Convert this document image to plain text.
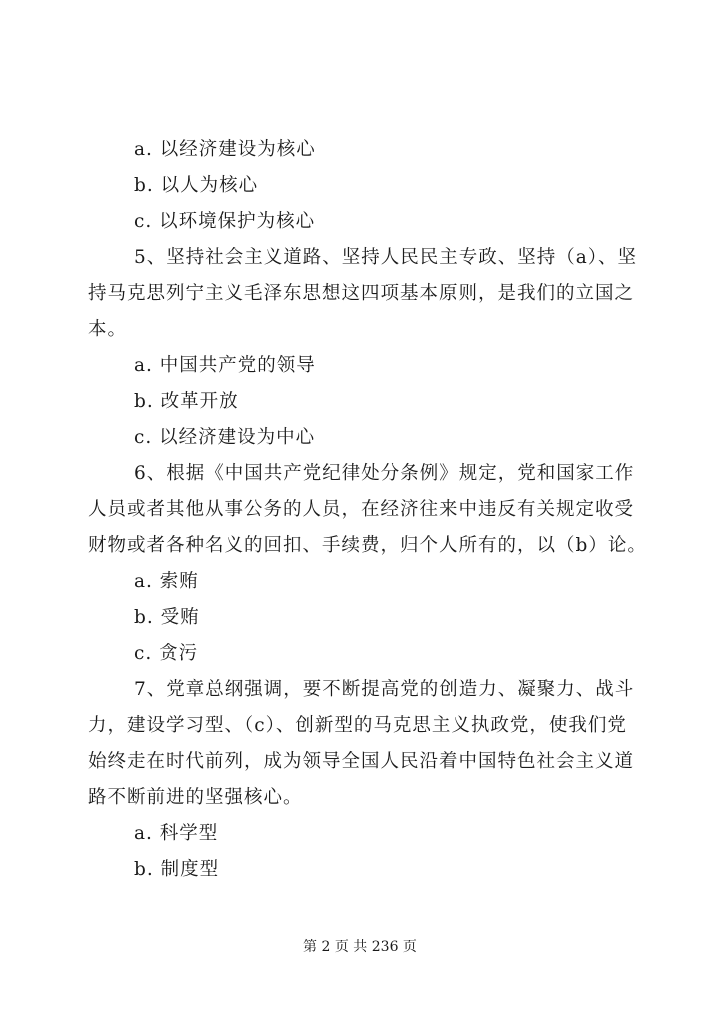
a. 以经济建设为核心
b. 以人为核心
c. 以环境保护为核心
5、坚持社会主义道路、坚持人民民主专政、坚持（a）、坚
持马克思列宁主义毛泽东思想这四项基本原则，是我们的立国之
本。
a. 中国共产党的领导
b. 改革开放
c. 以经济建设为中心
6、根据《中国共产党纪律处分条例》规定，党和国家工作
人员或者其他从事公务的人员，在经济往来中违反有关规定收受
财物或者各种名义的回扣、手续费，归个人所有的，以（b）论。
a. 索贿
b. 受贿
c. 贪污
7、党章总纲强调，要不断提高党的创造力、凝聚力、战斗
力，建设学习型、（c）、创新型的马克思主义执政党，使我们党
始终走在时代前列，成为领导全国人民沿着中国特色社会主义道
路不断前进的坚强核心。
a. 科学型
b. 制度型
第 2 页 共 236 页
